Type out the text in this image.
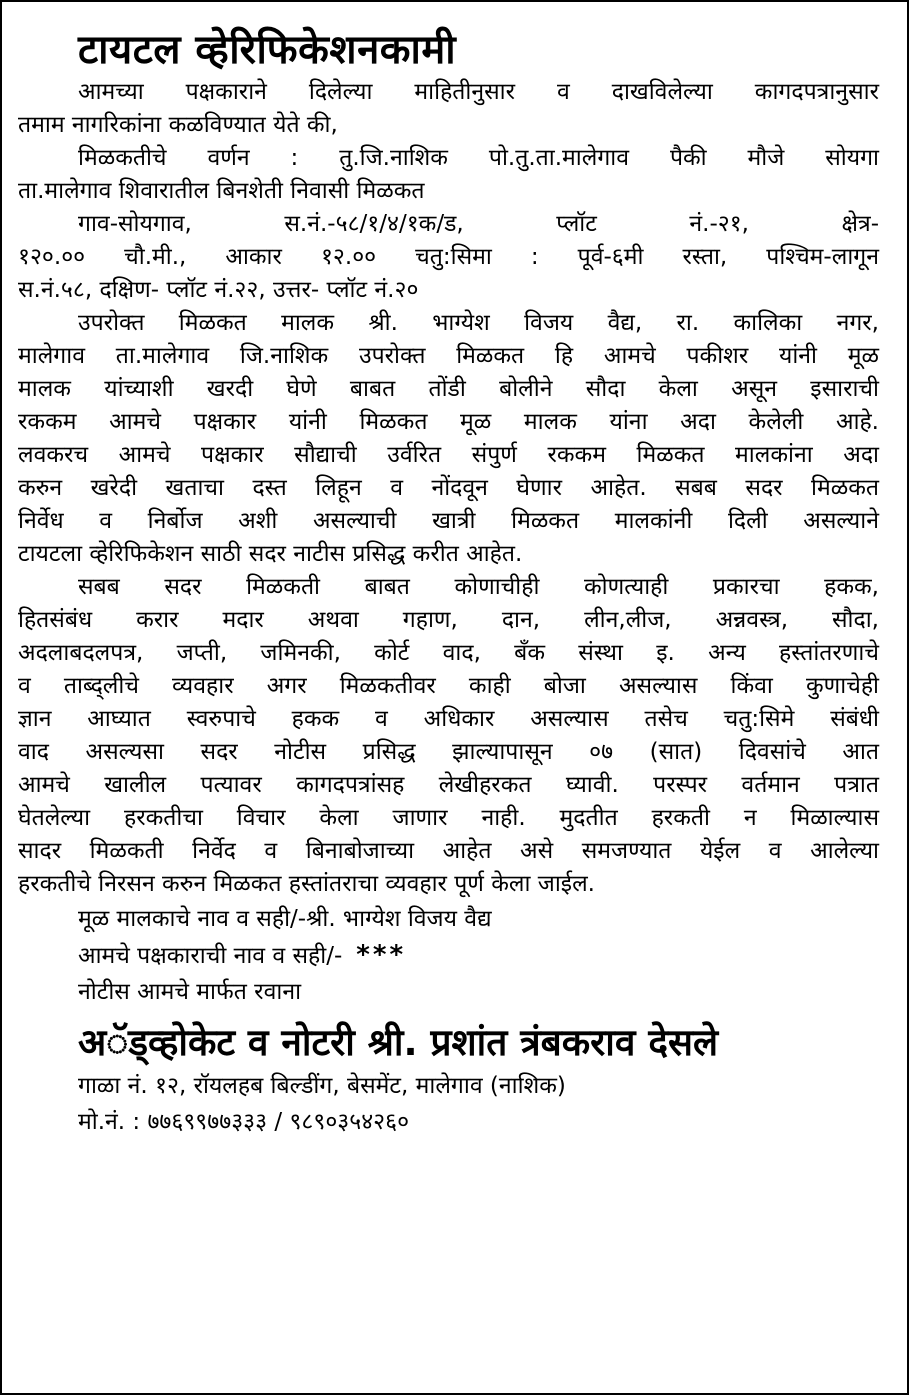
टायटल व्हेरिफिकेशनकामी
आमच्या पक्षकाराने दिलेल्या माहितीनुसार व दाखविलेल्या कागदपत्रानुसार
तमाम नागरिकांना कळविण्यात येते की,
मिळकतीचे वर्णन : तु.जि.नाशिक पो.तु.ता.मालेगाव पैकी मौजे सोयगा
ता.मालेगाव शिवारातील बिनशेती निवासी मिळकत
गाव-सोयगाव, स.नं.-५८/१/४/१क/ड, प्लॉट नं.-२१, क्षेत्र-
१२०.०० चौ.मी., आकार १२.०० चतु:सिमा : पूर्व-६मी रस्ता, पश्चिम-लागून
स.नं.५८, दक्षिण- प्लॉट नं.२२, उत्तर- प्लॉट नं.२०
उपरोक्त मिळकत मालक श्री. भाग्येश विजय वैद्य, रा. कालिका नगर,
मालेगाव ता.मालेगाव जि.नाशिक उपरोक्त मिळकत हि आमचे पकीशर यांनी मूळ
मालक यांच्याशी खरदी घेणे बाबत तोंडी बोलीने सौदा केला असून इसाराची
रककम आमचे पक्षकार यांनी मिळकत मूळ मालक यांना अदा केलेली आहे.
लवकरच आमचे पक्षकार सौद्याची उर्वरित संपुर्ण रककम मिळकत मालकांना अदा
करुन खरेदी खताचा दस्त लिहून व नोंदवून घेणार आहेत. सबब सदर मिळकत
निर्वेध व निर्बोज अशी असल्याची खात्री मिळकत मालकांनी दिली असल्याने
टायटला व्हेरिफिकेशन साठी सदर नाटीस प्रसिद्ध करीत आहेत.
सबब सदर मिळकती बाबत कोणाचीही कोणत्याही प्रकारचा हकक,
हितसंबंध करार मदार अथवा गहाण, दान, लीन,लीज, अन्नवस्त्र, सौदा,
अदलाबदलपत्र, जप्ती, जमिनकी, कोर्ट वाद, बँक संस्था इ. अन्य हस्तांतरणाचे
व ताब्द्लीचे व्यवहार अगर मिळकतीवर काही बोजा असल्यास किंवा कुणाचेही
ज्ञान आघ्यात स्वरुपाचे हकक व अधिकार असल्यास तसेच चतु:सिमे संबंधी
वाद असल्यसा सदर नोटीस प्रसिद्ध झाल्यापासून ०७ (सात) दिवसांचे आत
आमचे खालील पत्यावर कागदपत्रांसह लेखीहरकत घ्यावी. परस्पर वर्तमान पत्रात
घेतलेल्या हरकतीचा विचार केला जाणार नाही. मुदतीत हरकती न मिळाल्यास
सादर मिळकती निर्वेद व बिनाबोजाच्या आहेत असे समजण्यात येईल व आलेल्या
हरकतीचे निरसन करुन मिळकत हस्तांतराचा व्यवहार पूर्ण केला जाईल.
मूळ मालकाचे नाव व सही/-श्री. भाग्येश विजय वैद्य
आमचे पक्षकाराची नाव व सही/- ***
नोटीस आमचे मार्फत रवाना
अॅड्व्होकेट व नोटरी श्री. प्रशांत त्रंबकराव देसले
गाळा नं. १२, रॉयलहब बिल्डींग, बेसमेंट, मालेगाव (नाशिक)
मो.नं. : ७७६९९७७३३३ / ९८९०३५४२६०
